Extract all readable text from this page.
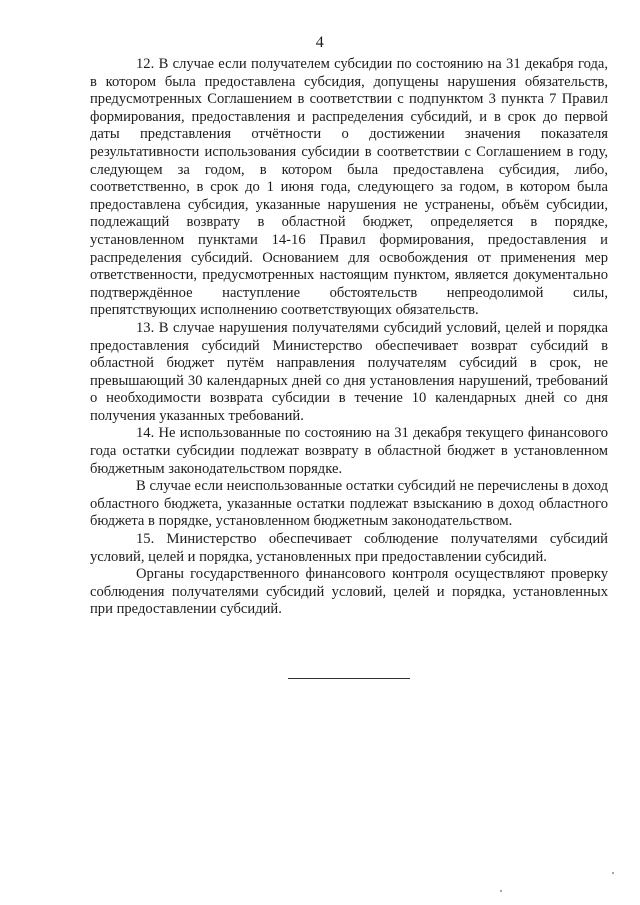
4

12. В случае если получателем субсидии по состоянию на 31 декабря года, в котором была предоставлена субсидия, допущены нарушения обязательств, предусмотренных Соглашением в соответствии с подпунктом 3 пункта 7 Правил формирования, предоставления и распределения субсидий, и в срок до первой даты представления отчётности о достижении значения показателя результативности использования субсидии в соответствии с Соглашением в году, следующем за годом, в котором была предоставлена субсидия, либо, соответственно, в срок до 1 июня года, следующего за годом, в котором была предоставлена субсидия, указанные нарушения не устранены, объём субсидии, подлежащий возврату в областной бюджет, определяется в порядке, установленном пунктами 14-16 Правил формирования, предоставления и распределения субсидий. Основанием для освобождения от применения мер ответственности, предусмотренных настоящим пунктом, является документально подтверждённое наступление обстоятельств непреодолимой силы, препятствующих исполнению соответствующих обязательств.

13. В случае нарушения получателями субсидий условий, целей и порядка предоставления субсидий Министерство обеспечивает возврат субсидий в областной бюджет путём направления получателям субсидий в срок, не превышающий 30 календарных дней со дня установления нарушений, требований о необходимости возврата субсидии в течение 10 календарных дней со дня получения указанных требований.

14. Не использованные по состоянию на 31 декабря текущего финансового года остатки субсидии подлежат возврату в областной бюджет в установленном бюджетным законодательством порядке.

В случае если неиспользованные остатки субсидий не перечислены в доход областного бюджета, указанные остатки подлежат взысканию в доход областного бюджета в порядке, установленном бюджетным законодательством.

15. Министерство обеспечивает соблюдение получателями субсидий условий, целей и порядка, установленных при предоставлении субсидий.

Органы государственного финансового контроля осуществляют проверку соблюдения получателями субсидий условий, целей и порядка, установленных при предоставлении субсидий.
